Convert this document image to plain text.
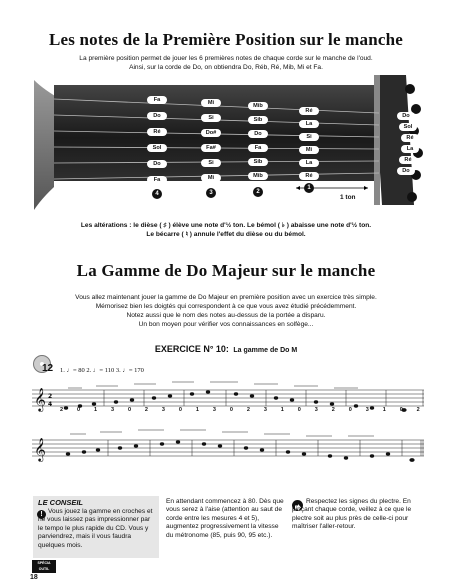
Les notes de la Première Position sur le manche
La première position permet de jouer les 6 premières notes de chaque corde sur le manche de l'oud.
Ainsi, sur la corde de Do, on obtiendra Do, Réb, Ré, Mib, Mi et Fa.
Fa
Do
Ré
Sol
Do
Fa
Mi
Si
Do#
Fa#
Si
Mi
Mib
Sib
Do
Fa
Sib
Mib
Ré
La
Si
Mi
La
Ré
Do
Sol
Ré
La
Ré
Do
4	3	2
1
1 ton
Les altérations : le dièse ( ♯ ) élève une note d'½ ton. Le bémol ( ♭ ) abaisse une note d'½ ton.
Le bécarre ( ♮ ) annule l'effet du dièse ou du bémol.
La Gamme de Do Majeur sur le manche
Vous allez maintenant jouer la gamme de Do Majeur en première position avec un exercice très simple.
Mémorisez bien les doigtés qui correspondent à ce que vous avez étudié précédemment.
Notez aussi que le nom des notes au-dessus de la portée a disparu.
Un bon moyen pour vérifier vos connaissances en solfège...
EXERCICE N° 10: La gamme de Do M
12 1. ♩= 80 2. ♩= 110 3. ♩= 170
𝄞 2
4
2	0	1	3	0	2	3	0	1	3	0	2	3	1	0	3	2	0	3	1	0	2
𝄞
LE CONSEIL
! Vous jouez la gamme en croches et ne vous laissez pas impressionner par le tempo le plus rapide du CD. Vous y parviendrez, mais il vous faudra quelques mois.
En attendant commencez à 80. Dès que vous serez à l'aise (attention au saut de corde entre les mesures 4 et 5), augmentez progressivement la vitesse du métronome (85, puis 90, 95 etc.).
Respectez les signes du plectre. En pinçant chaque corde, veillez à ce que le plectre soit au plus près de celle-ci pour maîtriser l'aller-retour.
SPÉCIA OUTIL
18
